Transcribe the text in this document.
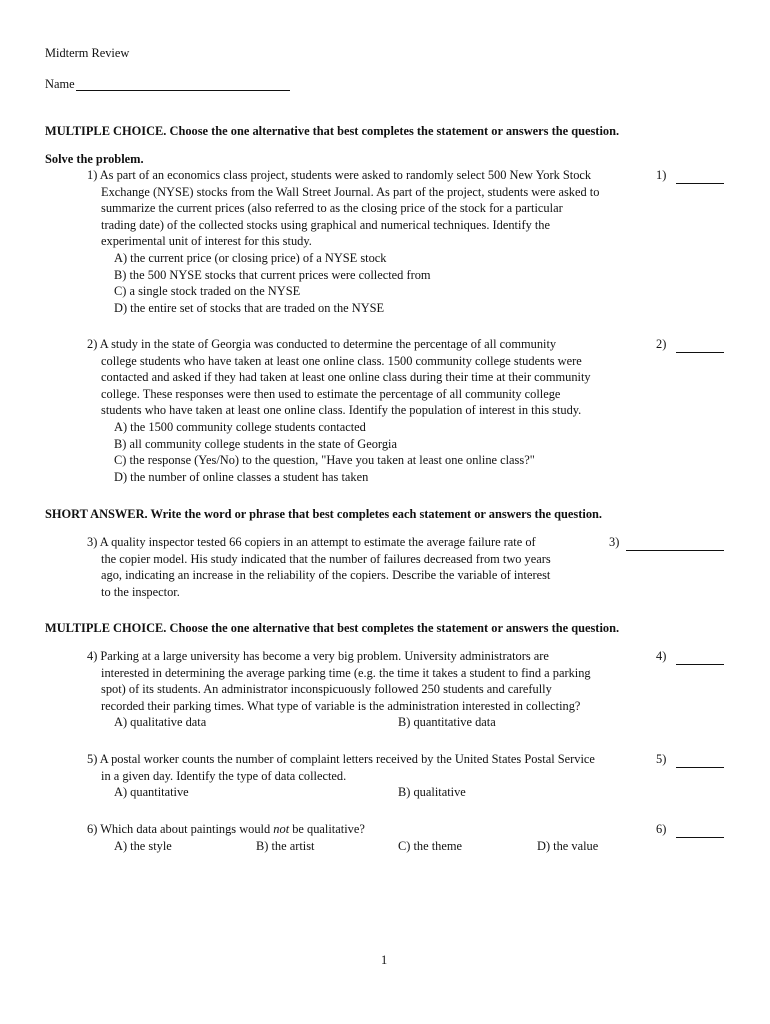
Midterm Review
Name
MULTIPLE CHOICE. Choose the one alternative that best completes the statement or answers the question.
Solve the problem.
1) As part of an economics class project, students were asked to randomly select 500 New York Stock
Exchange (NYSE) stocks from the Wall Street Journal. As part of the project, students were asked to
summarize the current prices (also referred to as the closing price of the stock for a particular
trading date) of the collected stocks using graphical and numerical techniques. Identify the
experimental unit of interest for this study.
A) the current price (or closing price) of a NYSE stock
B) the 500 NYSE stocks that current prices were collected from
C) a single stock traded on the NYSE
D) the entire set of stocks that are traded on the NYSE
1)
2) A study in the state of Georgia was conducted to determine the percentage of all community
college students who have taken at least one online class. 1500 community college students were
contacted and asked if they had taken at least one online class during their time at their community
college. These responses were then used to estimate the percentage of all community college
students who have taken at least one online class. Identify the population of interest in this study.
A) the 1500 community college students contacted
B) all community college students in the state of Georgia
C) the response (Yes/No) to the question, "Have you taken at least one online class?"
D) the number of online classes a student has taken
2)
SHORT ANSWER. Write the word or phrase that best completes each statement or answers the question.
3) A quality inspector tested 66 copiers in an attempt to estimate the average failure rate of
the copier model. His study indicated that the number of failures decreased from two years
ago, indicating an increase in the reliability of the copiers. Describe the variable of interest
to the inspector.
3)
MULTIPLE CHOICE. Choose the one alternative that best completes the statement or answers the question.
4) Parking at a large university has become a very big problem. University administrators are
interested in determining the average parking time (e.g. the time it takes a student to find a parking
spot) of its students. An administrator inconspicuously followed 250 students and carefully
recorded their parking times. What type of variable is the administration interested in collecting?
A) qualitative data	B) quantitative data
4)
5) A postal worker counts the number of complaint letters received by the United States Postal Service
in a given day. Identify the type of data collected.
A) quantitative	B) qualitative
5)
6) Which data about paintings would not be qualitative?
A) the style	B) the artist	C) the theme	D) the value
6)
1
